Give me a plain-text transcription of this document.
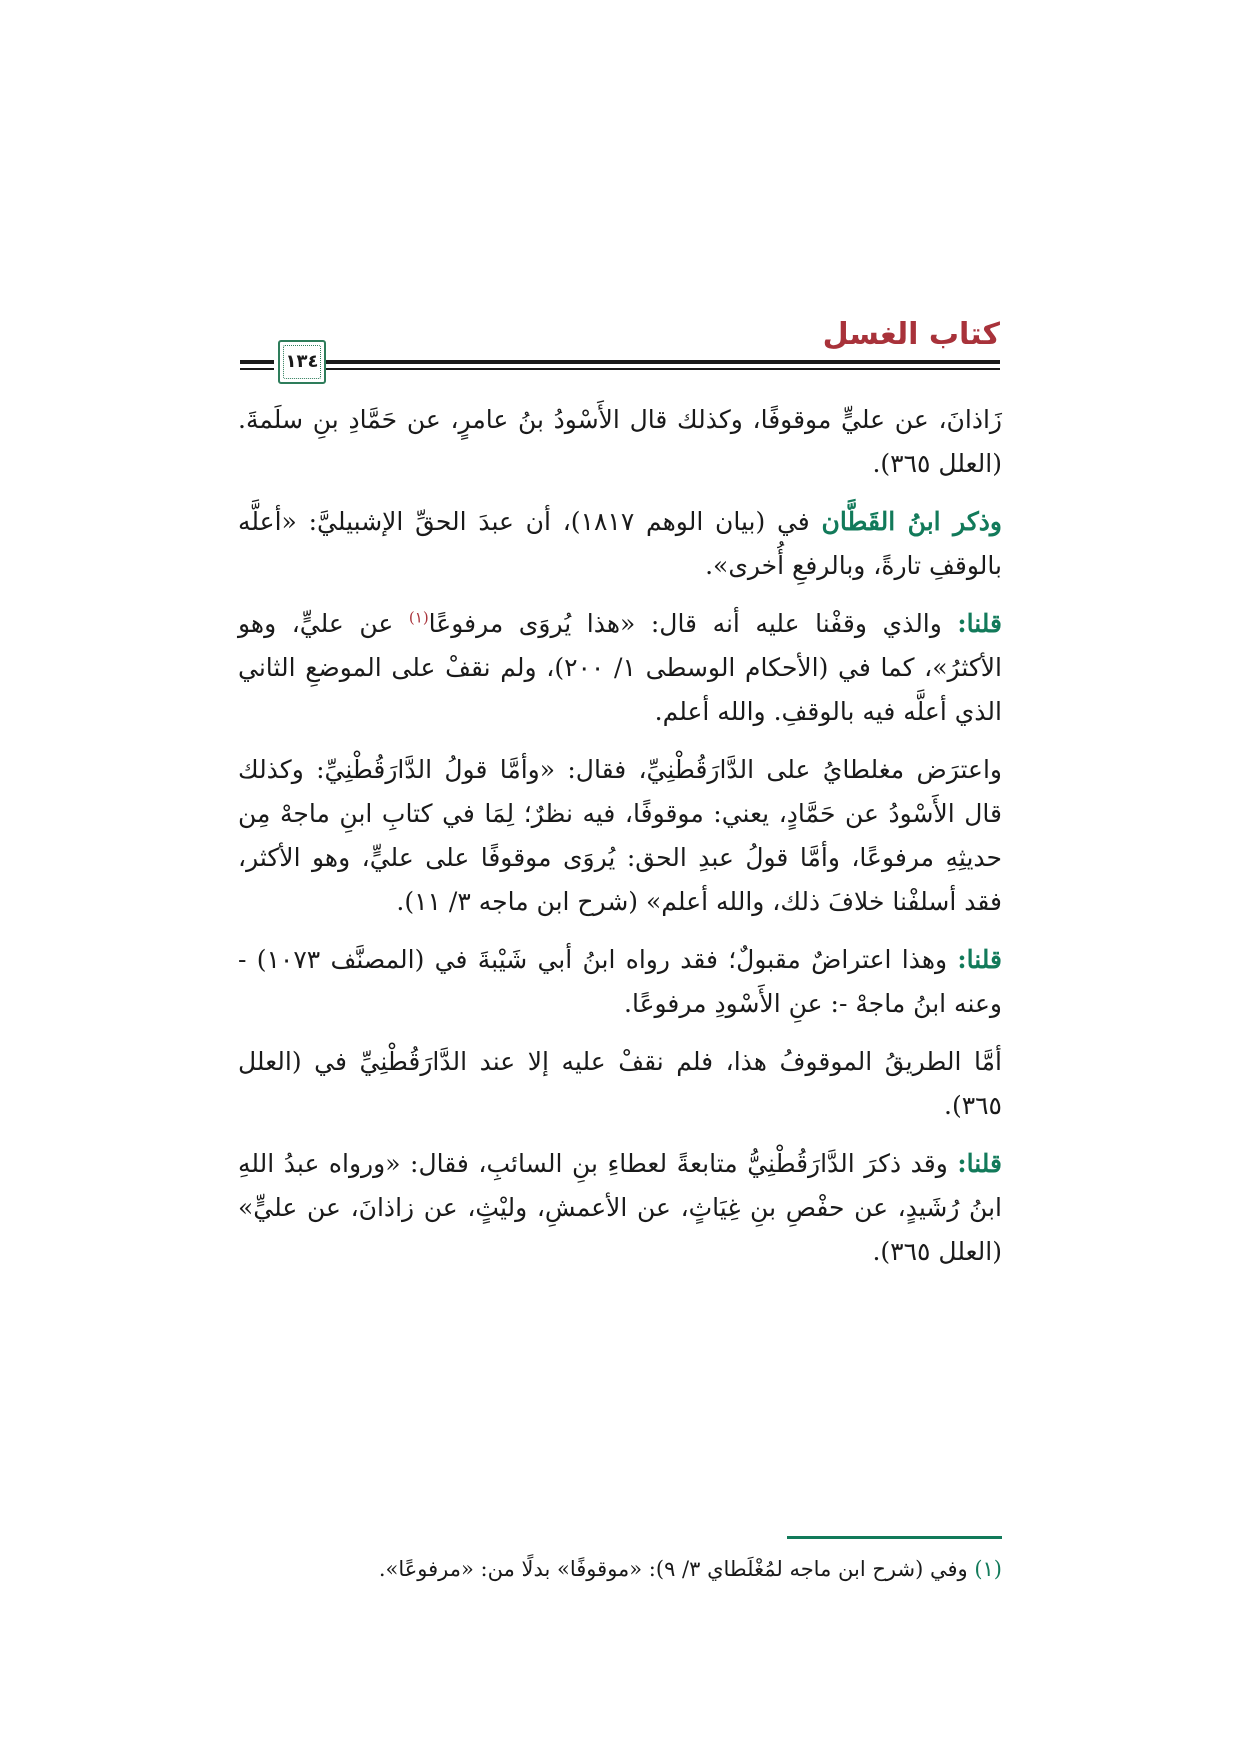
كتاب الغسل
١٣٤

زَاذانَ، عن عليٍّ موقوفًا، وكذلك قال الأَسْودُ بنُ عامرٍ، عن حَمَّادِ بنِ سلَمةَ. (العلل ٣٦٥).

وذكر ابنُ القَطَّان في (بيان الوهم ١٨١٧)، أن عبدَ الحقِّ الإشبيليَّ: «أعلَّه بالوقفِ تارةً، وبالرفعِ أُخرى».

قلنا: والذي وقفْنا عليه أنه قال: «هذا يُروَى مرفوعًا$^{(١)}$ عن عليٍّ، وهو الأكثرُ»، كما في (الأحكام الوسطى ١/ ٢٠٠)، ولم نقفْ على الموضعِ الثاني الذي أعلَّه فيه بالوقفِ. والله أعلم.

واعترَض مغلطايُ على الدَّارَقُطْنِيِّ، فقال: «وأمَّا قولُ الدَّارَقُطْنِيِّ: وكذلك قال الأَسْودُ عن حَمَّادٍ، يعني: موقوفًا، فيه نظرٌ؛ لِمَا في كتابِ ابنِ ماجهْ مِن حديثِهِ مرفوعًا، وأمَّا قولُ عبدِ الحق: يُروَى موقوفًا على عليٍّ، وهو الأكثر، فقد أسلفْنا خلافَ ذلك، والله أعلم» (شرح ابن ماجه ٣/ ١١).

قلنا: وهذا اعتراضٌ مقبولٌ؛ فقد رواه ابنُ أبي شَيْبةَ في (المصنَّف ١٠٧٣) - وعنه ابنُ ماجهْ -: عنِ الأَسْودِ مرفوعًا.

أمَّا الطريقُ الموقوفُ هذا، فلم نقفْ عليه إلا عند الدَّارَقُطْنِيِّ في (العلل ٣٦٥).

قلنا: وقد ذكرَ الدَّارَقُطْنِيُّ متابعةً لعطاءِ بنِ السائبِ، فقال: «ورواه عبدُ اللهِ ابنُ رُشَيدٍ، عن حفْصِ بنِ غِيَاثٍ، عن الأعمشِ، وليْثٍ، عن زاذانَ، عن عليٍّ» (العلل ٣٦٥).

(١) وفي (شرح ابن ماجه لمُغْلَطاي ٣/ ٩): «موقوفًا» بدلًا من: «مرفوعًا».
